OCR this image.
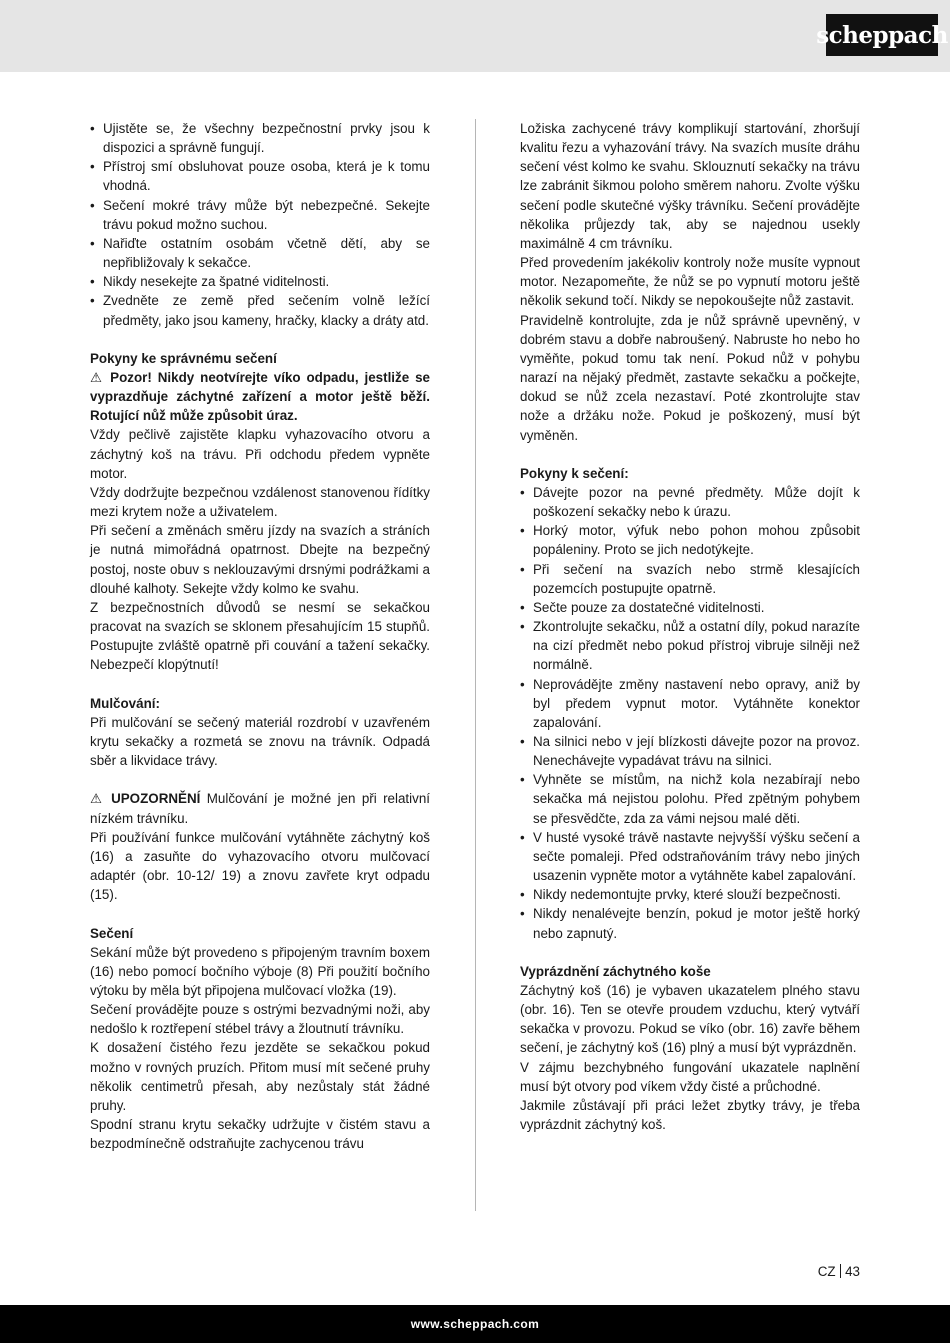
scheppach
• Ujistěte se, že všechny bezpečnostní prvky jsou k dispozici a správně fungují.
• Přístroj smí obsluhovat pouze osoba, která je k tomu vhodná.
• Sečení mokré trávy může být nebezpečné. Sekejte trávu pokud možno suchou.
• Nařiďte ostatním osobám včetně dětí, aby se nepřibližovaly k sekačce.
• Nikdy nesekejte za špatné viditelnosti.
• Zvedněte ze země před sečením volně ležící předměty, jako jsou kameny, hračky, klacky a dráty atd.

Pokyny ke správnému sečení

⚠ Pozor! Nikdy neotvírejte víko odpadu, jestliže se vyprazdňuje záchytné zařízení a motor ještě běží. Rotující nůž může způsobit úraz.

Vždy pečlivě zajistěte klapku vyhazovacího otvoru a záchytný koš na trávu. Při odchodu předem vypněte motor.

Vždy dodržujte bezpečnou vzdálenost stanovenou řídítky mezi krytem nože a uživatelem.

Při sečení a změnách směru jízdy na svazích a stráních je nutná mimořádná opatrnost. Dbejte na bezpečný postoj, noste obuv s neklouzavými drsnými podrážkami a dlouhé kalhoty. Sekejte vždy kolmo ke svahu.

Z bezpečnostních důvodů se nesmí se sekačkou pracovat na svazích se sklonem přesahujícím 15 stupňů. Postupujte zvláště opatrně při couvání a tažení sekačky. Nebezpečí klopýtnutí!

Mulčování:

Při mulčování se sečený materiál rozdrobí v uzavřeném krytu sekačky a rozmetá se znovu na trávník. Odpadá sběr a likvidace trávy.

⚠ UPOZORNĚNÍ Mulčování je možné jen při relativní nízkém trávníku.

Při používání funkce mulčování vytáhněte záchytný koš (16) a zasuňte do vyhazovacího otvoru mulčovací adaptér (obr. 10-12/ 19) a znovu zavřete kryt odpadu (15).

Sečení

Sekání může být provedeno s připojeným travním boxem (16) nebo pomocí bočního výboje (8) Při použití bočního výtoku by měla být připojena mulčovací vložka (19).

Sečení provádějte pouze s ostrými bezvadnými noži, aby nedošlo k roztřepení stébel trávy a žloutnutí trávníku.

K dosažení čistého řezu jezděte se sekačkou pokud možno v rovných pruzích. Přitom musí mít sečené pruhy několik centimetrů přesah, aby nezůstaly stát žádné pruhy.

Spodní stranu krytu sekačky udržujte v čistém stavu a bezpodmínečně odstraňujte zachycenou trávu

Ložiska zachycené trávy komplikují startování, zhoršují kvalitu řezu a vyhazování trávy. Na svazích musíte dráhu sečení vést kolmo ke svahu. Sklouznutí sekačky na trávu lze zabránit šikmou poloho směrem nahoru. Zvolte výšku sečení podle skutečné výšky trávníku. Sečení provádějte několika průjezdy tak, aby se najednou usekly maximálně 4 cm trávníku.

Před provedením jakékoliv kontroly nože musíte vypnout motor. Nezapomeňte, že nůž se po vypnutí motoru ještě několik sekund točí. Nikdy se nepokoušejte nůž zastavit.

Pravidelně kontrolujte, zda je nůž správně upevněný, v dobrém stavu a dobře nabroušený. Nabruste ho nebo ho vyměňte, pokud tomu tak není. Pokud nůž v pohybu narazí na nějaký předmět, zastavte sekačku a počkejte, dokud se nůž zcela nezastaví. Poté zkontrolujte stav nože a držáku nože. Pokud je poškozený, musí být vyměněn.

Pokyny k sečení:

• Dávejte pozor na pevné předměty. Může dojít k poškození sekačky nebo k úrazu.
• Horký motor, výfuk nebo pohon mohou způsobit popáleniny. Proto se jich nedotýkejte.
• Při sečení na svazích nebo strmě klesajících pozemcích postupujte opatrně.
• Sečte pouze za dostatečné viditelnosti.
• Zkontrolujte sekačku, nůž a ostatní díly, pokud narazíte na cizí předmět nebo pokud přístroj vibruje silněji než normálně.
• Neprovádějte změny nastavení nebo opravy, aniž by byl předem vypnut motor. Vytáhněte konektor zapalování.
• Na silnici nebo v její blízkosti dávejte pozor na provoz. Nenechávejte vypadávat trávu na silnici.
• Vyhněte se místům, na nichž kola nezabírají nebo sekačka má nejistou polohu. Před zpětným pohybem se přesvědčte, zda za vámi nejsou malé děti.
• V husté vysoké trávě nastavte nejvyšší výšku sečení a sečte pomaleji. Před odstraňováním trávy nebo jiných usazenin vypněte motor a vytáhněte kabel zapalování.
• Nikdy nedemontujte prvky, které slouží bezpečnosti.
• Nikdy nenalévejte benzín, pokud je motor ještě horký nebo zapnutý.

Vyprázdnění záchytného koše

Záchytný koš (16) je vybaven ukazatelem plného stavu (obr. 16). Ten se otevře proudem vzduchu, který vytváří sekačka v provozu. Pokud se víko (obr. 16) zavře během sečení, je záchytný koš (16) plný a musí být vyprázdněn.

V zájmu bezchybného fungování ukazatele naplnění musí být otvory pod víkem vždy čisté a průchodné.

Jakmile zůstávají při práci ležet zbytky trávy, je třeba vyprázdnit záchytný koš.

CZ 43
www.scheppach.com
